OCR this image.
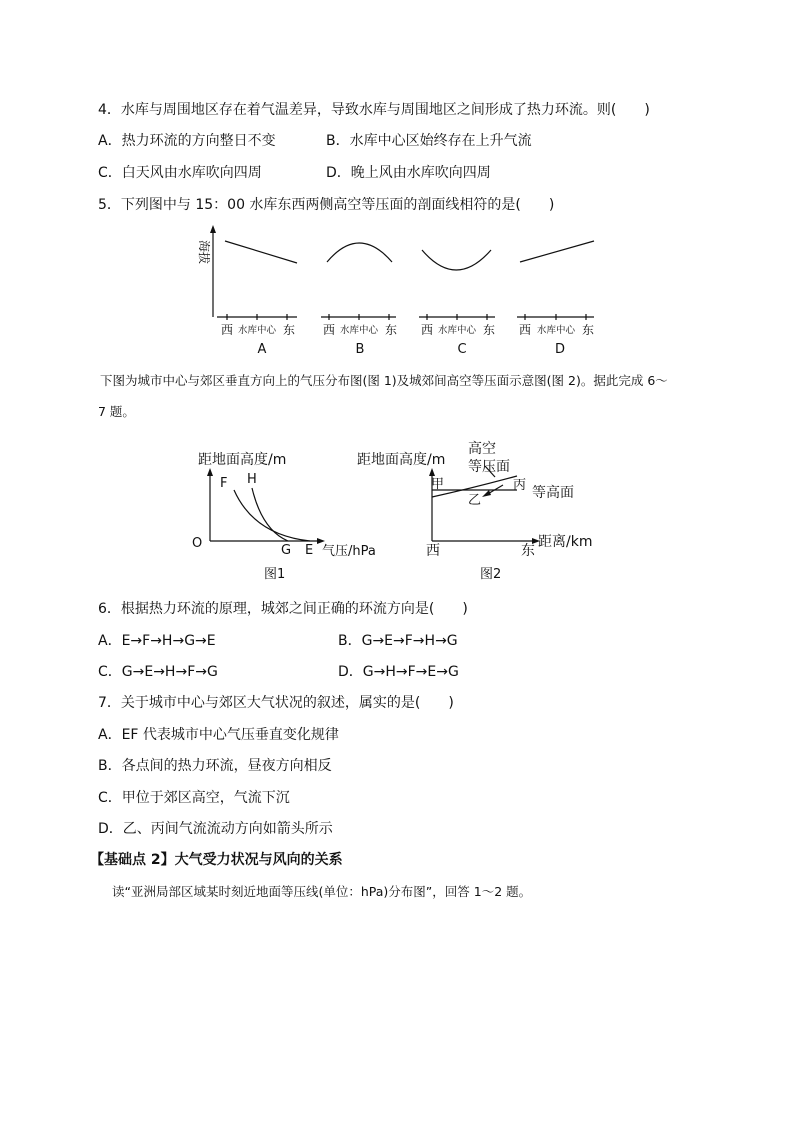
4．水库与周围地区存在着气温差异，导致水库与周围地区之间形成了热力环流。则(　　)
A．热力环流的方向整日不变	B．水库中心区始终存在上升气流
C．白天风由水库吹向四周	D．晚上风由水库吹向四周
5．下列图中与 15：00 水库东西两侧高空等压面的剖面线相符的是(　　)
海拔
西 水库中心 东 西 水库中心 东 西 水库中心 东 西 水库中心 东
A	B	C	D
下图为城市中心与郊区垂直方向上的气压分布图(图 1)及城郊间高空等压面示意图(图 2)。据此完成 6～
7 题。
距地面高度/m
O
F H
G E 气压/hPa
图1
距地面高度/m
高空
等压面
甲
乙
丙 等高面
西	东
距离/km
图2
6．根据热力环流的原理，城郊之间正确的环流方向是(　　)
A．E→F→H→G→E	B．G→E→F→H→G
C．G→E→H→F→G	D．G→H→F→E→G
7．关于城市中心与郊区大气状况的叙述，属实的是(　　)
A．EF 代表城市中心气压垂直变化规律
B．各点间的热力环流，昼夜方向相反
C．甲位于郊区高空，气流下沉
D．乙、丙间气流流动方向如箭头所示
【基础点 2】大气受力状况与风向的关系
读“亚洲局部区域某时刻近地面等压线(单位：hPa)分布图”，回答 1～2 题。
